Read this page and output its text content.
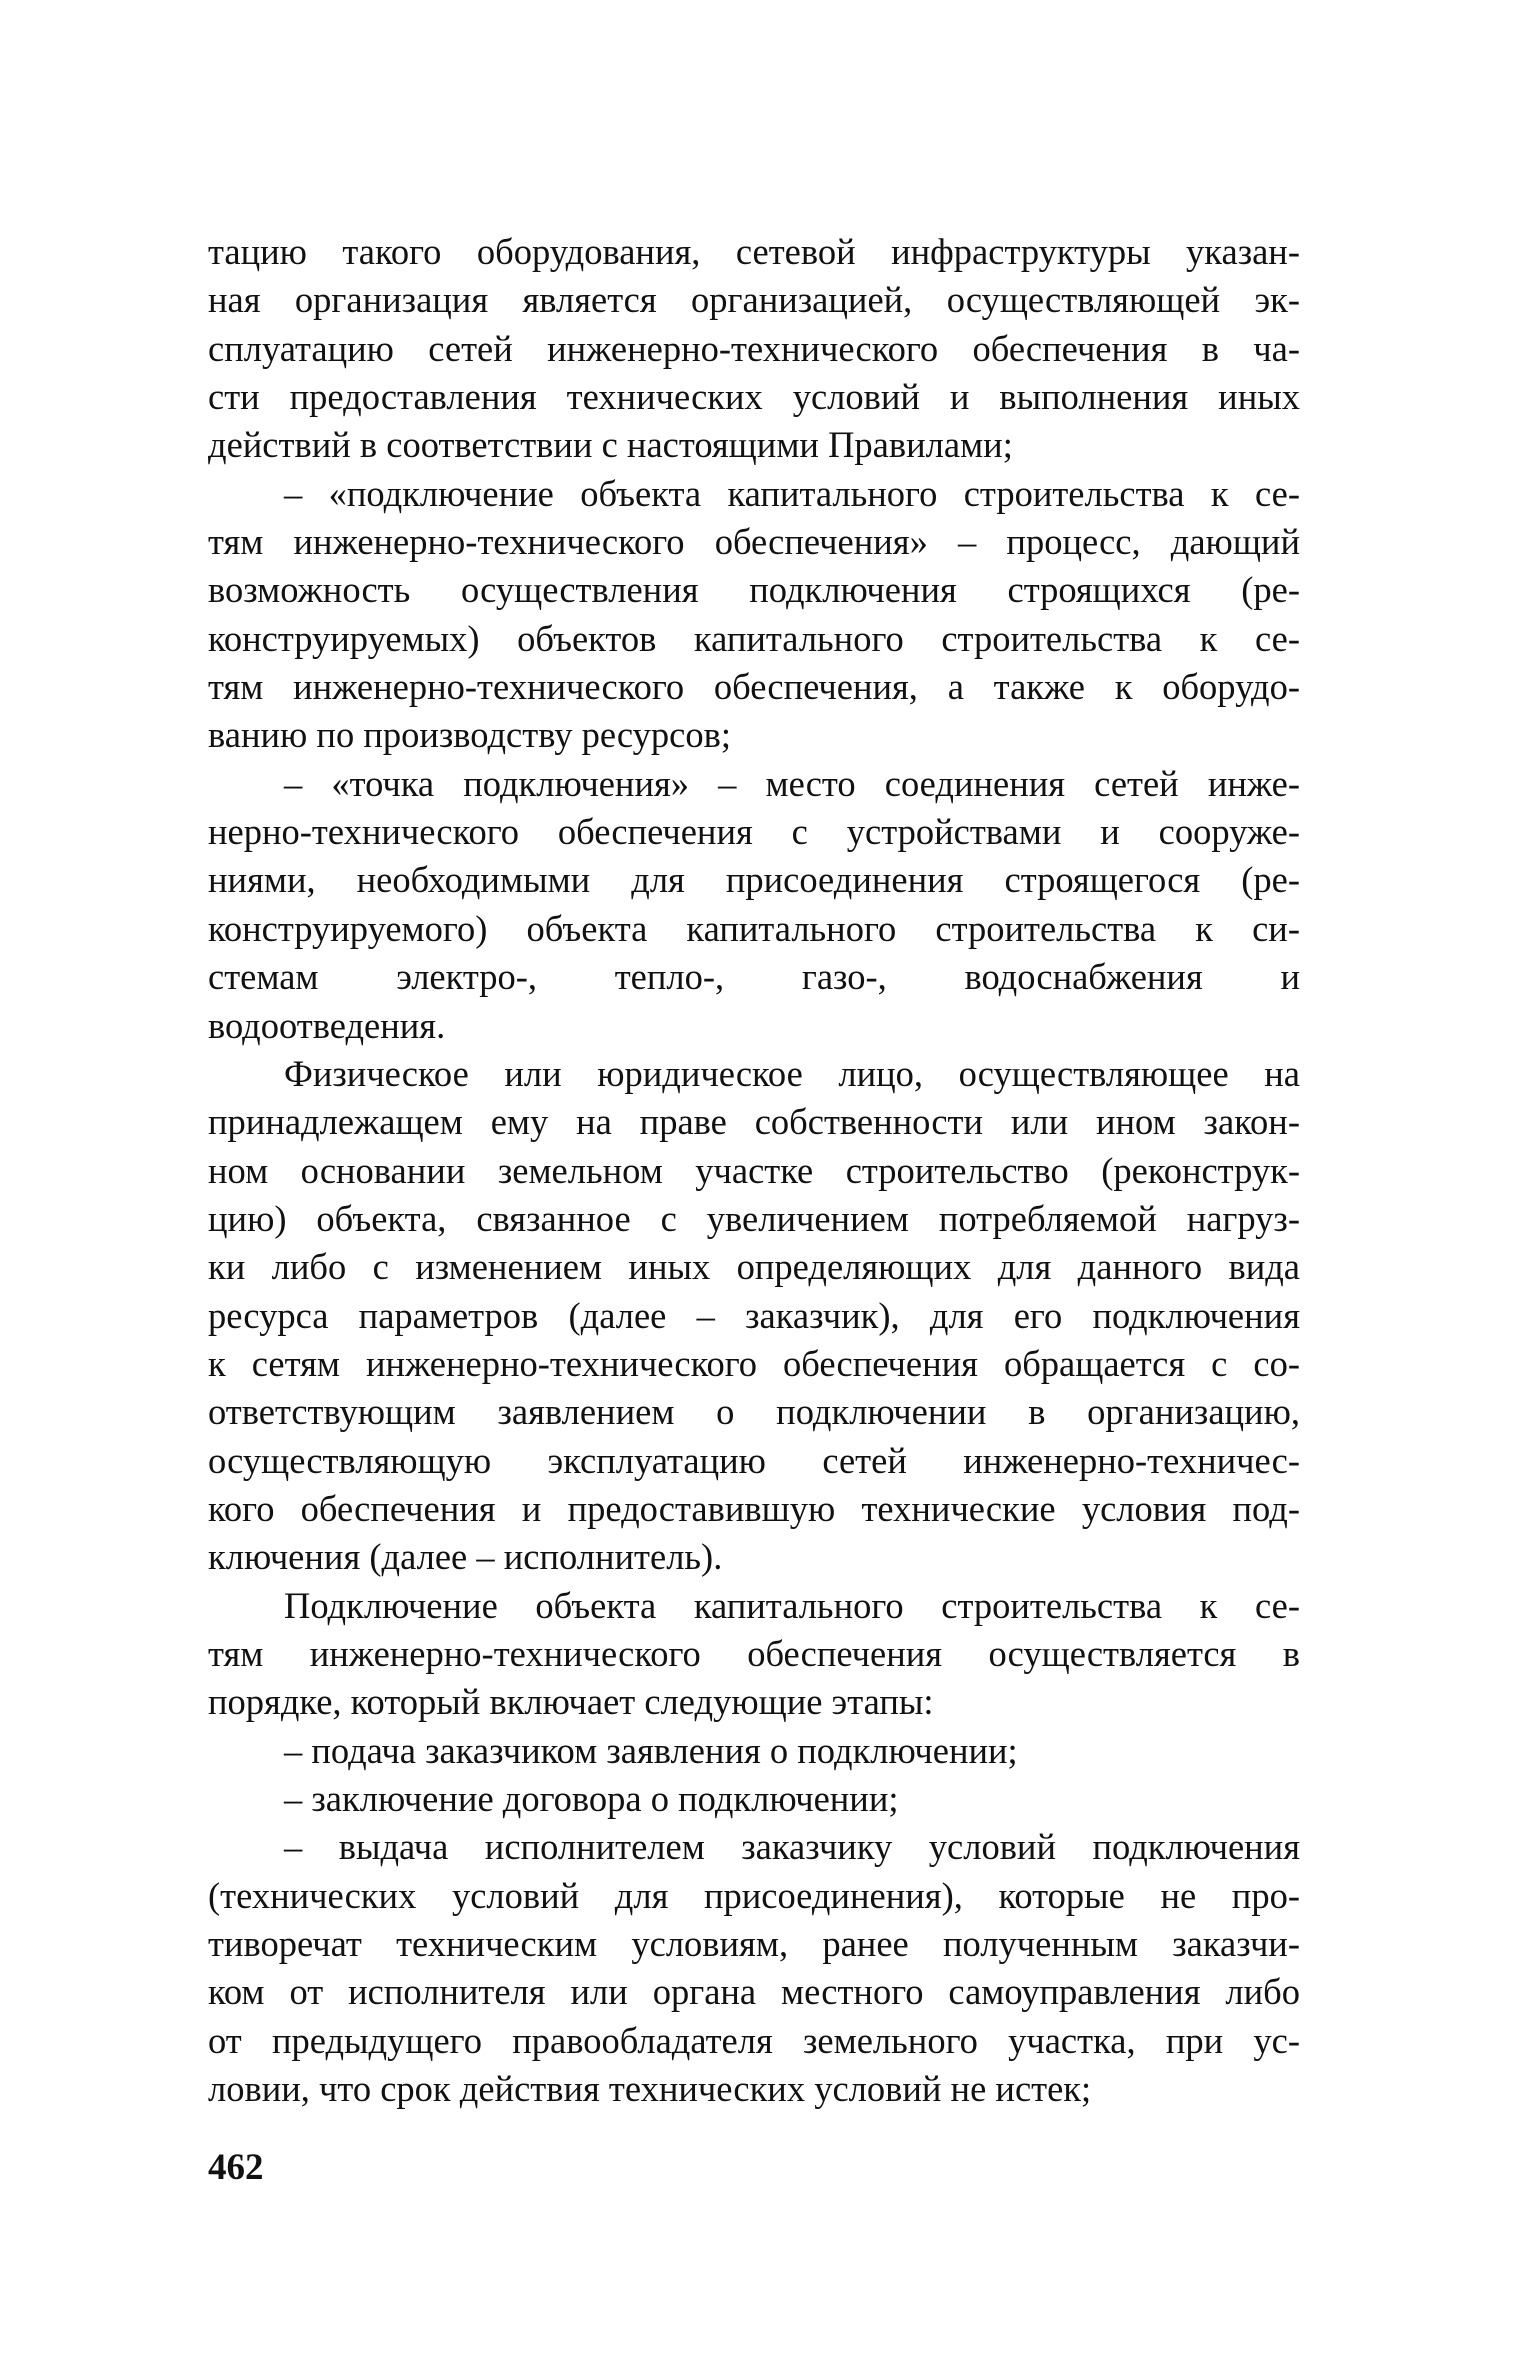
тацию такого оборудования, сетевой инфраструктуры указан-
ная организация является организацией, осуществляющей эк-
сплуатацию сетей инженерно-технического обеспечения в ча-
сти предоставления технических условий и выполнения иных
действий в соответствии с настоящими Правилами;
– «подключение объекта капитального строительства к се-
тям инженерно-технического обеспечения» – процесс, дающий
возможность осуществления подключения строящихся (ре-
конструируемых) объектов капитального строительства к се-
тям инженерно-технического обеспечения, а также к оборудо-
ванию по производству ресурсов;
– «точка подключения» – место соединения сетей инже-
нерно-технического обеспечения с устройствами и сооруже-
ниями, необходимыми для присоединения строящегося (ре-
конструируемого) объекта капитального строительства к си-
стемам электро-, тепло-, газо-, водоснабжения и
водоотведения.
Физическое или юридическое лицо, осуществляющее на
принадлежащем ему на праве собственности или ином закон-
ном основании земельном участке строительство (реконструк-
цию) объекта, связанное с увеличением потребляемой нагруз-
ки либо с изменением иных определяющих для данного вида
ресурса параметров (далее – заказчик), для его подключения
к сетям инженерно-технического обеспечения обращается с со-
ответствующим заявлением о подключении в организацию,
осуществляющую эксплуатацию сетей инженерно-техничес-
кого обеспечения и предоставившую технические условия под-
ключения (далее – исполнитель).
Подключение объекта капитального строительства к се-
тям инженерно-технического обеспечения осуществляется в
порядке, который включает следующие этапы:
– подача заказчиком заявления о подключении;
– заключение договора о подключении;
– выдача исполнителем заказчику условий подключения
(технических условий для присоединения), которые не про-
тиворечат техническим условиям, ранее полученным заказчи-
ком от исполнителя или органа местного самоуправления либо
от предыдущего правообладателя земельного участка, при ус-
ловии, что срок действия технических условий не истек;
462
